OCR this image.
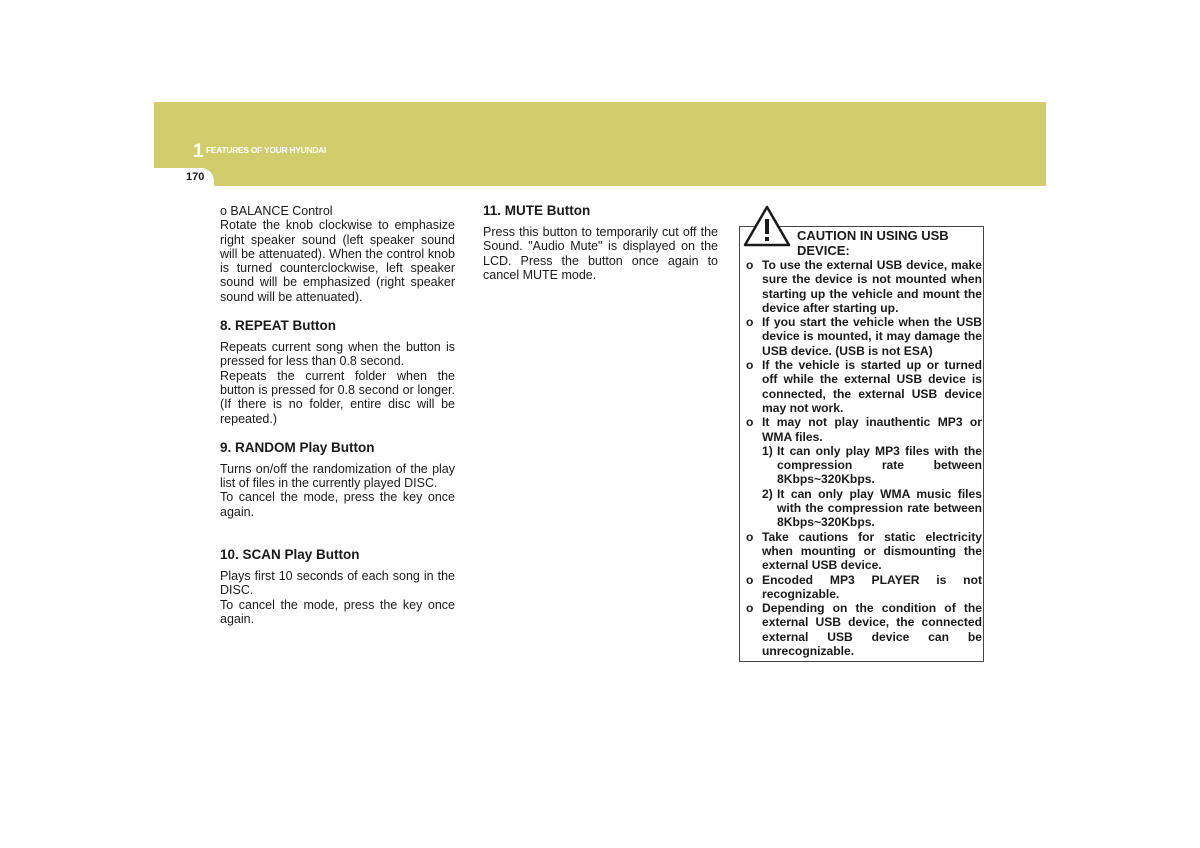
1 FEATURES OF YOUR HYUNDAI
170

o BALANCE Control

Rotate the knob clockwise to emphasize right speaker sound (left speaker sound will be attenuated). When the control knob is turned counterclockwise, left speaker sound will be emphasized (right speaker sound will be attenuated).

8. REPEAT Button

Repeats current song when the button is pressed for less than 0.8 second.

Repeats the current folder when the button is pressed for 0.8 second or longer. (If there is no folder, entire disc will be repeated.)

9. RANDOM Play Button

Turns on/off the randomization of the play list of files in the currently played DISC.

To cancel the mode, press the key once again.

10. SCAN Play Button

Plays first 10 seconds of each song in the DISC.

To cancel the mode, press the key once again.

11. MUTE Button

Press this button to temporarily cut off the Sound. "Audio Mute" is displayed on the LCD. Press the button once again to cancel MUTE mode.

CAUTION IN USING USB DEVICE:
o To use the external USB device, make sure the device is not mounted when starting up the vehicle and mount the device after starting up.
o If you start the vehicle when the USB device is mounted, it may damage the USB device. (USB is not ESA)
o If the vehicle is started up or turned off while the external USB device is connected, the external USB device may not work.
o It may not play inauthentic MP3 or WMA files.
1) It can only play MP3 files with the compression rate between 8Kbps~320Kbps.
2) It can only play WMA music files with the compression rate between 8Kbps~320Kbps.
o Take cautions for static electricity when mounting or dismounting the external USB device.
o Encoded MP3 PLAYER is not recognizable.
o Depending on the condition of the external USB device, the connected external USB device can be unrecognizable.
